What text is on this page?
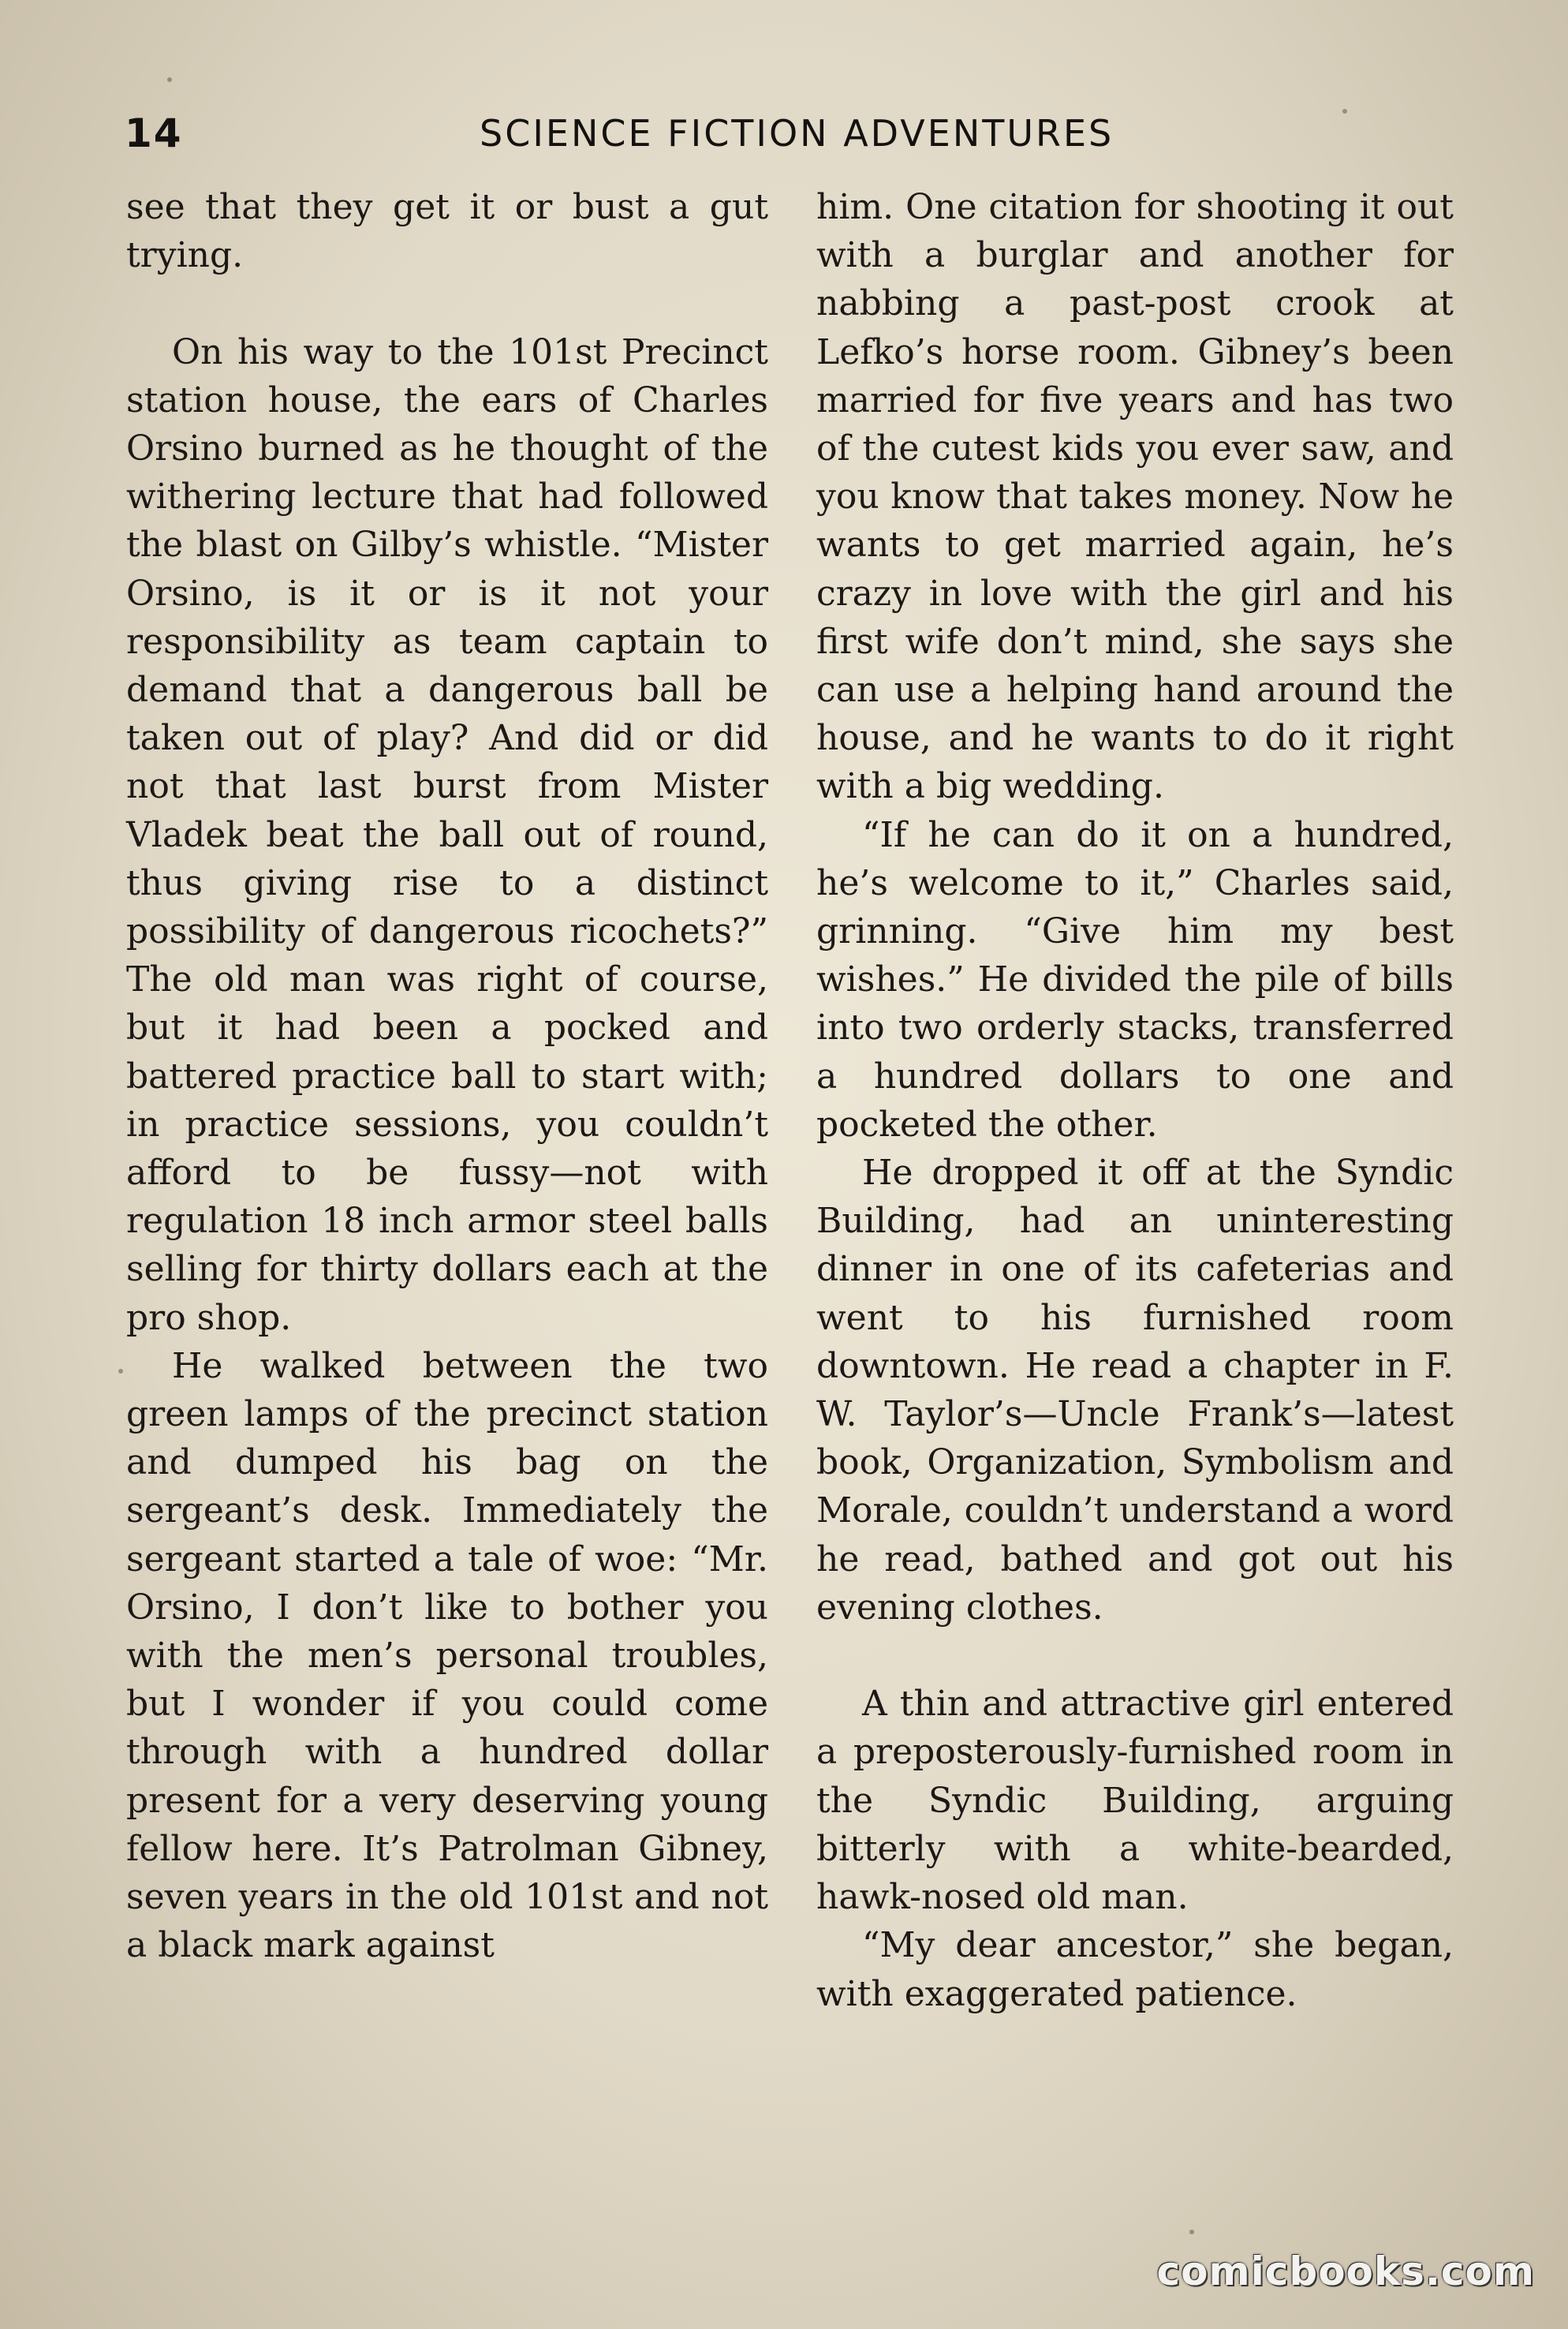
14	SCIENCE FICTION ADVENTURES

see that they get it or bust a gut trying.

On his way to the 101st Precinct station house, the ears of Charles Orsino burned as he thought of the withering lecture that had followed the blast on Gilby’s whistle. “Mister Orsino, is it or is it not your responsibility as team captain to demand that a dangerous ball be taken out of play? And did or did not that last burst from Mister Vladek beat the ball out of round, thus giving rise to a distinct possibility of dangerous ricochets?” The old man was right of course, but it had been a pocked and battered practice ball to start with; in practice sessions, you couldn’t afford to be fussy—not with regulation 18 inch armor steel balls selling for thirty dollars each at the pro shop.

He walked between the two green lamps of the precinct station and dumped his bag on the sergeant’s desk. Immediately the sergeant started a tale of woe: “Mr. Orsino, I don’t like to bother you with the men’s personal troubles, but I wonder if you could come through with a hundred dollar present for a very deserving young fellow here. It’s Patrolman Gibney, seven years in the old 101st and not a black mark against

him. One citation for shooting it out with a burglar and another for nabbing a past-post crook at Lefko’s horse room. Gibney’s been married for five years and has two of the cutest kids you ever saw, and you know that takes money. Now he wants to get married again, he’s crazy in love with the girl and his first wife don’t mind, she says she can use a helping hand around the house, and he wants to do it right with a big wedding.

“If he can do it on a hundred, he’s welcome to it,” Charles said, grinning. “Give him my best wishes.” He divided the pile of bills into two orderly stacks, transferred a hundred dollars to one and pocketed the other.

He dropped it off at the Syndic Building, had an uninteresting dinner in one of its cafeterias and went to his furnished room downtown. He read a chapter in F. W. Taylor’s—Uncle Frank’s—latest book, Organization, Symbolism and Morale, couldn’t understand a word he read, bathed and got out his evening clothes.

A thin and attractive girl entered a preposterously-furnished room in the Syndic Building, arguing bitterly with a white-bearded, hawk-nosed old man.

“My dear ancestor,” she began, with exaggerated patience.

comicbooks.com
